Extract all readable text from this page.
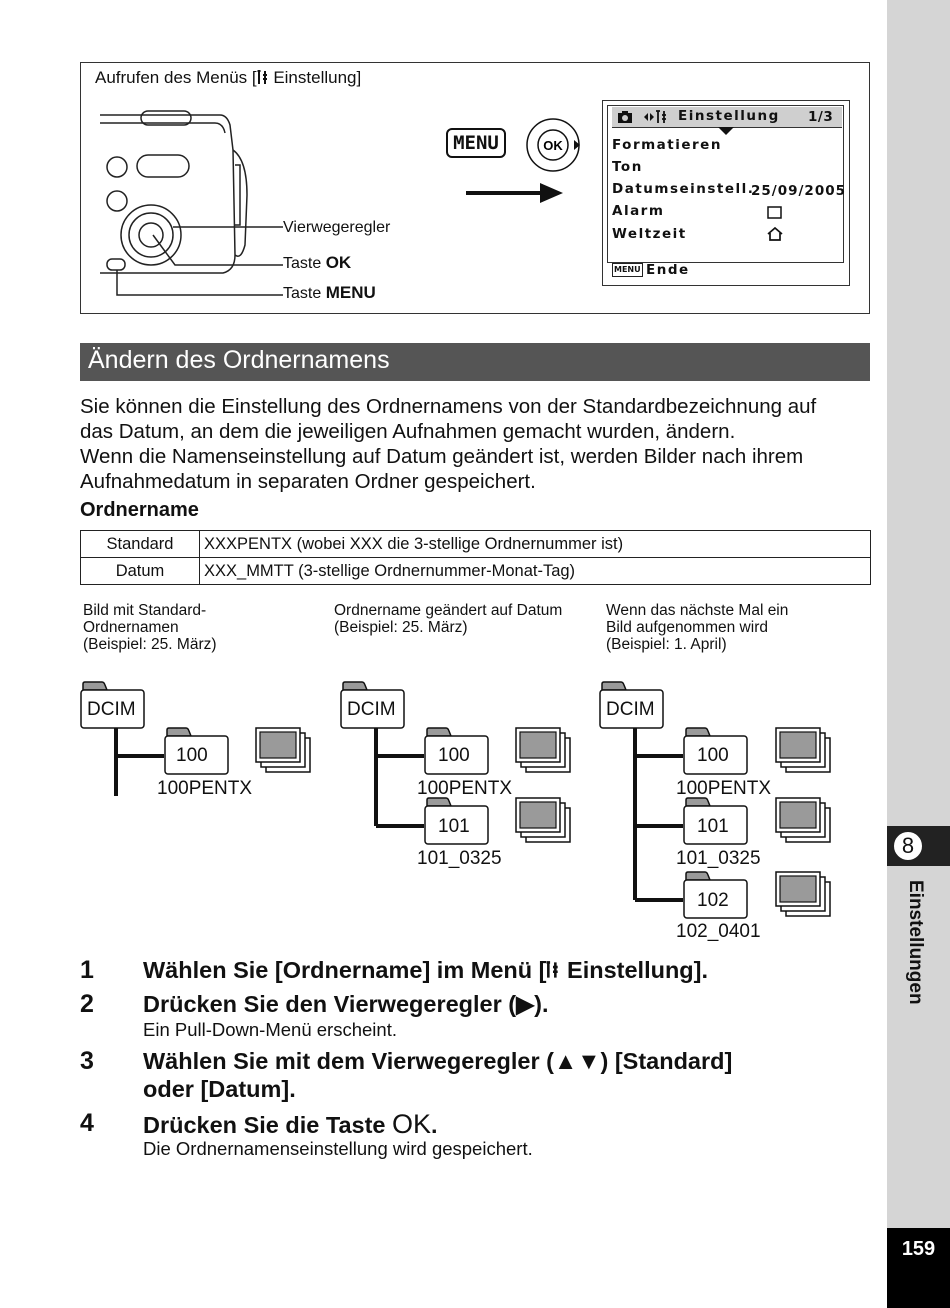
8
Einstellungen
159
Aufrufen des Menüs [ Einstellung]
Vierwegeregler
Taste OK
Taste MENU
MENU	OK
Einstellung 1/3
Formatieren
Ton
Datumseinstell.
25/09/2005
Alarm
Weltzeit
MENU Ende
Ändern des Ordnernamens
Sie können die Einstellung des Ordnernamens von der Standardbezeichnung auf
das Datum, an dem die jeweiligen Aufnahmen gemacht wurden, ändern.
Wenn die Namenseinstellung auf Datum geändert ist, werden Bilder nach ihrem
Aufnahmedatum in separaten Ordner gespeichert.
Ordnername
Standard	XXXPENTX (wobei XXX die 3-stellige Ordnernummer ist)
Datum	XXX_MMTT (3-stellige Ordnernummer-Monat-Tag)
Bild mit Standard-
Ordnernamen
(Beispiel: 25. März)
Ordnername geändert auf Datum
(Beispiel: 25. März)
Wenn das nächste Mal ein
Bild aufgenommen wird
(Beispiel: 1. April)
DCIM
100
100PENTX
DCIM
100
100PENTX
101
101_0325
DCIM
100
100PENTX
101
101_0325
102
102_0401
1 Wählen Sie [Ordnername] im Menü [ Einstellung].
2 Drücken Sie den Vierwegeregler (▶).
Ein Pull-Down-Menü erscheint.
3 Wählen Sie mit dem Vierwegeregler (▲▼) [Standard]
oder [Datum].
4 Drücken Sie die Taste OK.
Die Ordnernamenseinstellung wird gespeichert.
